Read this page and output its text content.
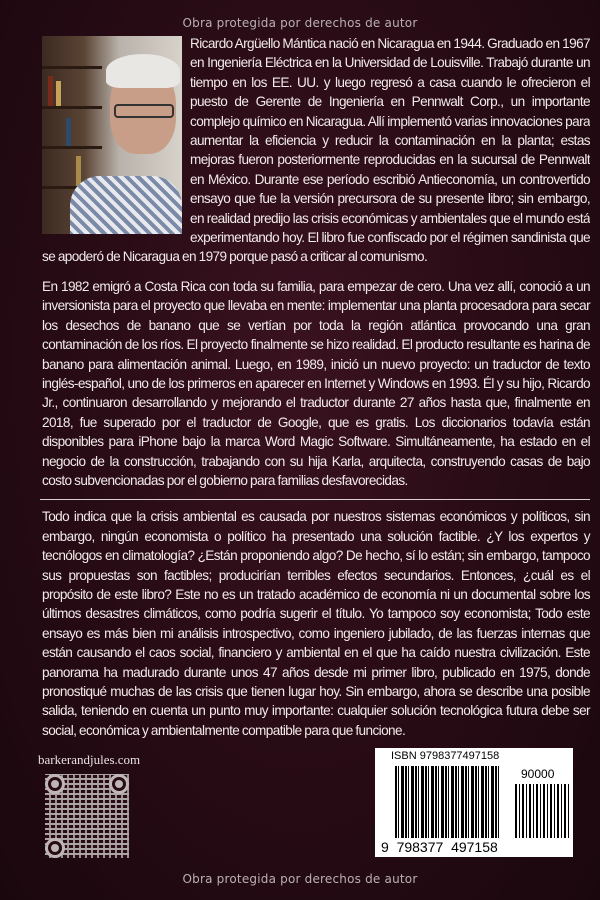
Obra protegida por derechos de autor
Ricardo Argüello Mántica nació en Nicaragua en 1944. Graduado en 1967 en Ingeniería Eléctrica en la Universidad de Louisville. Trabajó durante un tiempo en los EE. UU. y luego regresó a casa cuando le ofrecieron el puesto de Gerente de Ingeniería en Pennwalt Corp., un importante complejo químico en Nicaragua. Allí implementó varias innovaciones para aumentar la eficiencia y reducir la contaminación en la planta; estas mejoras fueron posteriormente reproducidas en la sucursal de Pennwalt en México. Durante ese período escribió Antieconomía, un controvertido ensayo que fue la versión precursora de su presente libro; sin embargo, en realidad predijo las crisis económicas y ambientales que el mundo está experimentando hoy. El libro fue confiscado por el régimen sandinista que se apoderó de Nicaragua en 1979 porque pasó a criticar al comunismo.
En 1982 emigró a Costa Rica con toda su familia, para empezar de cero. Una vez allí, conoció a un inversionista para el proyecto que llevaba en mente: implementar una planta procesadora para secar los desechos de banano que se vertían por toda la región atlántica provocando una gran contaminación de los ríos. El proyecto finalmente se hizo realidad. El producto resultante es harina de banano para alimentación animal. Luego, en 1989, inició un nuevo proyecto: un traductor de texto inglés-español, uno de los primeros en aparecer en Internet y Windows en 1993. Él y su hijo, Ricardo Jr., continuaron desarrollando y mejorando el traductor durante 27 años hasta que, finalmente en 2018, fue superado por el traductor de Google, que es gratis. Los diccionarios todavía están disponibles para iPhone bajo la marca Word Magic Software. Simultáneamente, ha estado en el negocio de la construcción, trabajando con su hija Karla, arquitecta, construyendo casas de bajo costo subvencionadas por el gobierno para familias desfavorecidas.
Todo indica que la crisis ambiental es causada por nuestros sistemas económicos y políticos, sin embargo, ningún economista o político ha presentado una solución factible. ¿Y los expertos y tecnólogos en climatología? ¿Están proponiendo algo? De hecho, sí lo están; sin embargo, tampoco sus propuestas son factibles; producirían terribles efectos secundarios. Entonces, ¿cuál es el propósito de este libro? Este no es un tratado académico de economía ni un documental sobre los últimos desastres climáticos, como podría sugerir el título. Yo tampoco soy economista; Todo este ensayo es más bien mi análisis introspectivo, como ingeniero jubilado, de las fuerzas internas que están causando el caos social, financiero y ambiental en el que ha caído nuestra civilización. Este panorama ha madurado durante unos 47 años desde mi primer libro, publicado en 1975, donde pronostiqué muchas de las crisis que tienen lugar hoy. Sin embargo, ahora se describe una posible salida, teniendo en cuenta un punto muy importante: cualquier solución tecnológica futura debe ser social, económica y ambientalmente compatible para que funcione.
barkerandjules.com	ISBN 9798377497158
90000
9 798377 497158
Obra protegida por derechos de autor
